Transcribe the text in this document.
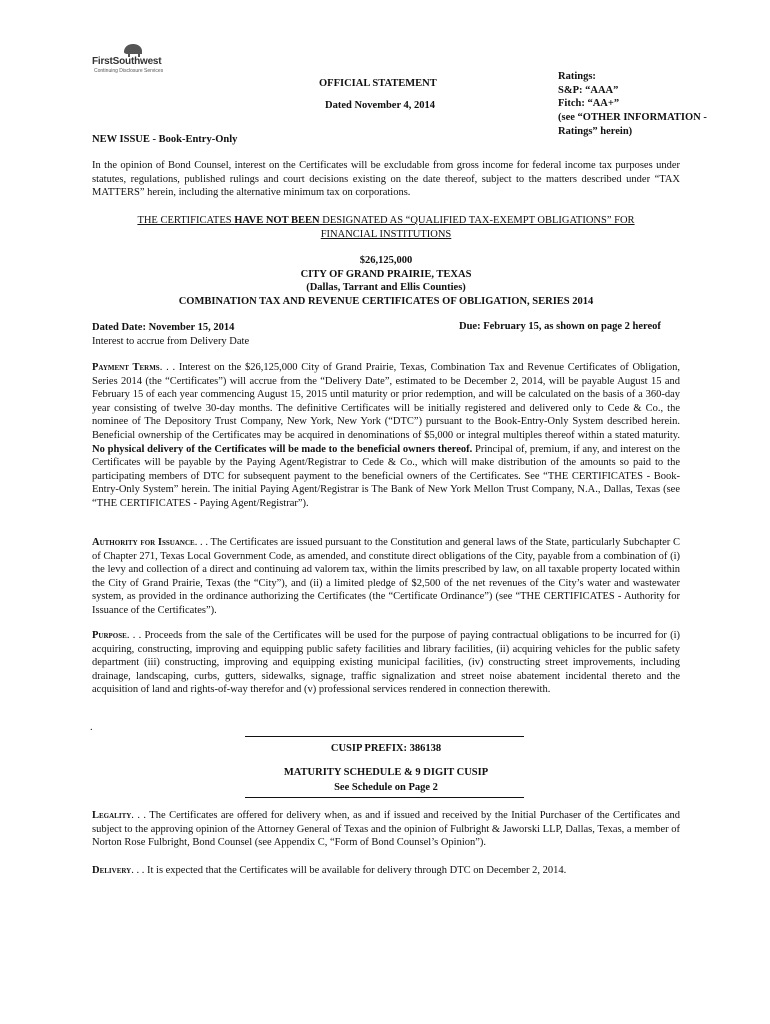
FirstSouthwest
Continuing Disclosure Services
OFFICIAL STATEMENT
Dated November 4, 2014
Ratings:
S&P: “AAA”
Fitch: “AA+”
(see “OTHER INFORMATION -
Ratings” herein)
NEW ISSUE - Book-Entry-Only
In the opinion of Bond Counsel, interest on the Certificates will be excludable from gross income for federal income tax purposes under statutes, regulations, published rulings and court decisions existing on the date thereof, subject to the matters described under “TAX MATTERS” herein, including the alternative minimum tax on corporations.
THE CERTIFICATES HAVE NOT BEEN DESIGNATED AS “QUALIFIED TAX-EXEMPT OBLIGATIONS” FOR
FINANCIAL INSTITUTIONS
$26,125,000
CITY OF GRAND PRAIRIE, TEXAS
(Dallas, Tarrant and Ellis Counties)
COMBINATION TAX AND REVENUE CERTIFICATES OF OBLIGATION, SERIES 2014
Dated Date: November 15, 2014
Interest to accrue from Delivery Date
Due: February 15, as shown on page 2 hereof
Payment Terms. . . Interest on the $26,125,000 City of Grand Prairie, Texas, Combination Tax and Revenue Certificates of Obligation, Series 2014 (the “Certificates”) will accrue from the “Delivery Date”, estimated to be December 2, 2014, will be payable August 15 and February 15 of each year commencing August 15, 2015 until maturity or prior redemption, and will be calculated on the basis of a 360-day year consisting of twelve 30-day months. The definitive Certificates will be initially registered and delivered only to Cede & Co., the nominee of The Depository Trust Company, New York, New York (“DTC”) pursuant to the Book-Entry-Only System described herein. Beneficial ownership of the Certificates may be acquired in denominations of $5,000 or integral multiples thereof within a stated maturity. No physical delivery of the Certificates will be made to the beneficial owners thereof. Principal of, premium, if any, and interest on the Certificates will be payable by the Paying Agent/Registrar to Cede & Co., which will make distribution of the amounts so paid to the participating members of DTC for subsequent payment to the beneficial owners of the Certificates. See “THE CERTIFICATES - Book-Entry-Only System” herein. The initial Paying Agent/Registrar is The Bank of New York Mellon Trust Company, N.A., Dallas, Texas (see “THE CERTIFICATES - Paying Agent/Registrar”).
Authority for Issuance. . . The Certificates are issued pursuant to the Constitution and general laws of the State, particularly Subchapter C of Chapter 271, Texas Local Government Code, as amended, and constitute direct obligations of the City, payable from a combination of (i) the levy and collection of a direct and continuing ad valorem tax, within the limits prescribed by law, on all taxable property located within the City of Grand Prairie, Texas (the “City”), and (ii) a limited pledge of $2,500 of the net revenues of the City’s water and wastewater system, as provided in the ordinance authorizing the Certificates (the “Certificate Ordinance”) (see “THE CERTIFICATES - Authority for Issuance of the Certificates”).
Purpose. . . Proceeds from the sale of the Certificates will be used for the purpose of paying contractual obligations to be incurred for (i) acquiring, constructing, improving and equipping public safety facilities and library facilities, (ii) acquiring vehicles for the public safety department (iii) constructing, improving and equipping existing municipal facilities, (iv) constructing street improvements, including drainage, landscaping, curbs, gutters, sidewalks, signage, traffic signalization and street noise abatement incidental thereto and the acquisition of land and rights-of-way therefor and (v) professional services rendered in connection therewith.
.
CUSIP PREFIX: 386138
MATURITY SCHEDULE & 9 DIGIT CUSIP
See Schedule on Page 2
Legality. . . The Certificates are offered for delivery when, as and if issued and received by the Initial Purchaser of the Certificates and subject to the approving opinion of the Attorney General of Texas and the opinion of Fulbright & Jaworski LLP, Dallas, Texas, a member of Norton Rose Fulbright, Bond Counsel (see Appendix C, “Form of Bond Counsel’s Opinion”).
Delivery. . . It is expected that the Certificates will be available for delivery through DTC on December 2, 2014.
